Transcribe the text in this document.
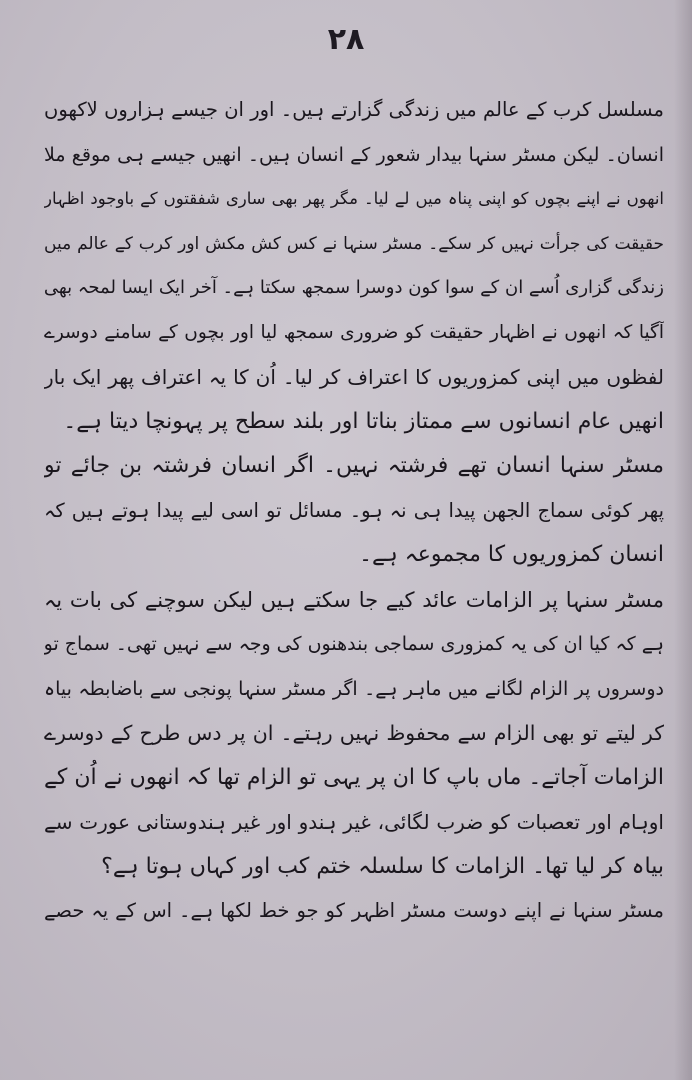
۲۸
مسلسل کرب کے عالم میں زندگی گزارتے ہیں۔ اور ان جیسے ہزاروں لاکھوں
انسان۔ لیکن مسٹر سنہا بیدار شعور کے انسان ہیں۔ انھیں جیسے ہی موقع ملا
انھوں نے اپنے بچوں کو اپنی پناہ میں لے لیا۔ مگر پھر بھی ساری شفقتوں کے باوجود اظہار
حقیقت کی جرأت نہیں کر سکے۔ مسٹر سنہا نے کس کش مکش اور کرب کے عالم میں
زندگی گزاری اُسے ان کے سوا کون دوسرا سمجھ سکتا ہے۔ آخر ایک ایسا لمحہ بھی
آگیا کہ انھوں نے اظہار حقیقت کو ضروری سمجھ لیا اور بچوں کے سامنے دوسرے
لفظوں میں اپنی کمزوریوں کا اعتراف کر لیا۔ اُن کا یہ اعتراف پھر ایک بار
انھیں عام انسانوں سے ممتاز بناتا اور بلند سطح پر پہونچا دیتا ہے۔
مسٹر سنہا انسان تھے فرشتہ نہیں۔ اگر انسان فرشتہ بن جائے تو
پھر کوئی سماج الجھن پیدا ہی نہ ہو۔ مسائل تو اسی لیے پیدا ہوتے ہیں کہ
انسان کمزوریوں کا مجموعہ ہے۔
مسٹر سنہا پر الزامات عائد کیے جا سکتے ہیں لیکن سوچنے کی بات یہ
ہے کہ کیا ان کی یہ کمزوری سماجی بندھنوں کی وجہ سے نہیں تھی۔ سماج تو
دوسروں پر الزام لگانے میں ماہر ہے۔ اگر مسٹر سنہا پونجی سے باضابطہ بیاہ
کر لیتے تو بھی الزام سے محفوظ نہیں رہتے۔ ان پر دس طرح کے دوسرے
الزامات آجاتے۔ ماں باپ کا ان پر یہی تو الزام تھا کہ انھوں نے اُن کے
اوہام اور تعصبات کو ضرب لگائی، غیر ہندو اور غیر ہندوستانی عورت سے
بیاہ کر لیا تھا۔ الزامات کا سلسلہ ختم کب اور کہاں ہوتا ہے؟
مسٹر سنہا نے اپنے دوست مسٹر اظہر کو جو خط لکھا ہے۔ اس کے یہ حصے
